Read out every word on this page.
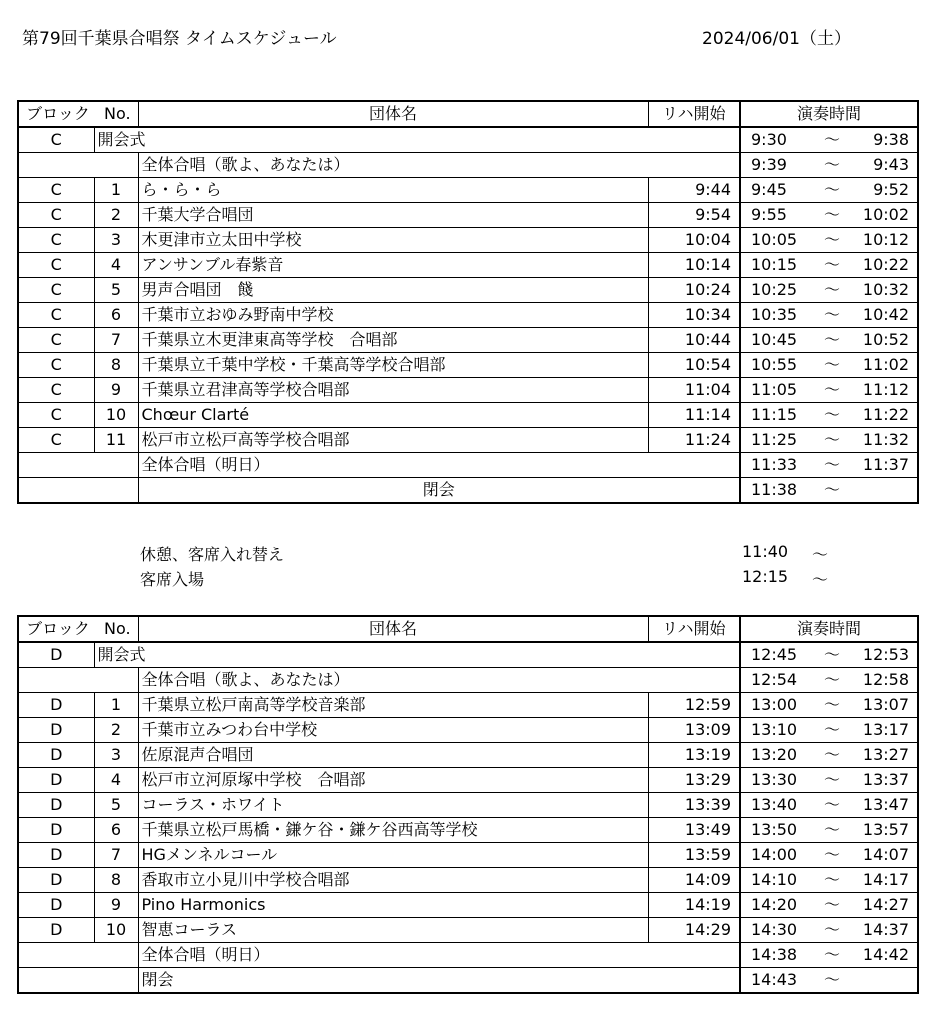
第79回千葉県合唱祭 タイムスケジュール	2024/06/01（土）
ブロック	No.	団体名	リハ開始	演奏時間		
C	開会式			9:30	～	9:38
		全体合唱（歌よ、あなたは）		9:39	～	9:43
C	1	ら・ら・ら	9:44	9:45	～	9:52
C	2	千葉大学合唱団	9:54	9:55	～	10:02
C	3	木更津市立太田中学校	10:04	10:05	～	10:12
C	4	アンサンブル春紫音	10:14	10:15	～	10:22
C	5	男声合唱団　餞	10:24	10:25	～	10:32
C	6	千葉市立おゆみ野南中学校	10:34	10:35	～	10:42
C	7	千葉県立木更津東高等学校　合唱部	10:44	10:45	～	10:52
C	8	千葉県立千葉中学校・千葉高等学校合唱部	10:54	10:55	～	11:02
C	9	千葉県立君津高等学校合唱部	11:04	11:05	～	11:12
C	10	Chœur Clarté	11:14	11:15	～	11:22
C	11	松戸市立松戸高等学校合唱部	11:24	11:25	～	11:32
		全体合唱（明日）		11:33	～	11:37
		閉会		11:38	～	
休憩、客席入れ替え	11:40 ～
客席入場	12:15 ～
ブロック	No.	団体名	リハ開始	演奏時間		
D	開会式			12:45	～	12:53
		全体合唱（歌よ、あなたは）		12:54	～	12:58
D	1	千葉県立松戸南高等学校音楽部	12:59	13:00	～	13:07
D	2	千葉市立みつわ台中学校	13:09	13:10	～	13:17
D	3	佐原混声合唱団	13:19	13:20	～	13:27
D	4	松戸市立河原塚中学校　合唱部	13:29	13:30	～	13:37
D	5	コーラス・ホワイト	13:39	13:40	～	13:47
D	6	千葉県立松戸馬橋・鎌ケ谷・鎌ケ谷西高等学校	13:49	13:50	～	13:57
D	7	HGメンネルコール	13:59	14:00	～	14:07
D	8	香取市立小見川中学校合唱部	14:09	14:10	～	14:17
D	9	Pino Harmonics	14:19	14:20	～	14:27
D	10	智恵コーラス	14:29	14:30	～	14:37
		全体合唱（明日）		14:38	～	14:42
		閉会		14:43	～	
